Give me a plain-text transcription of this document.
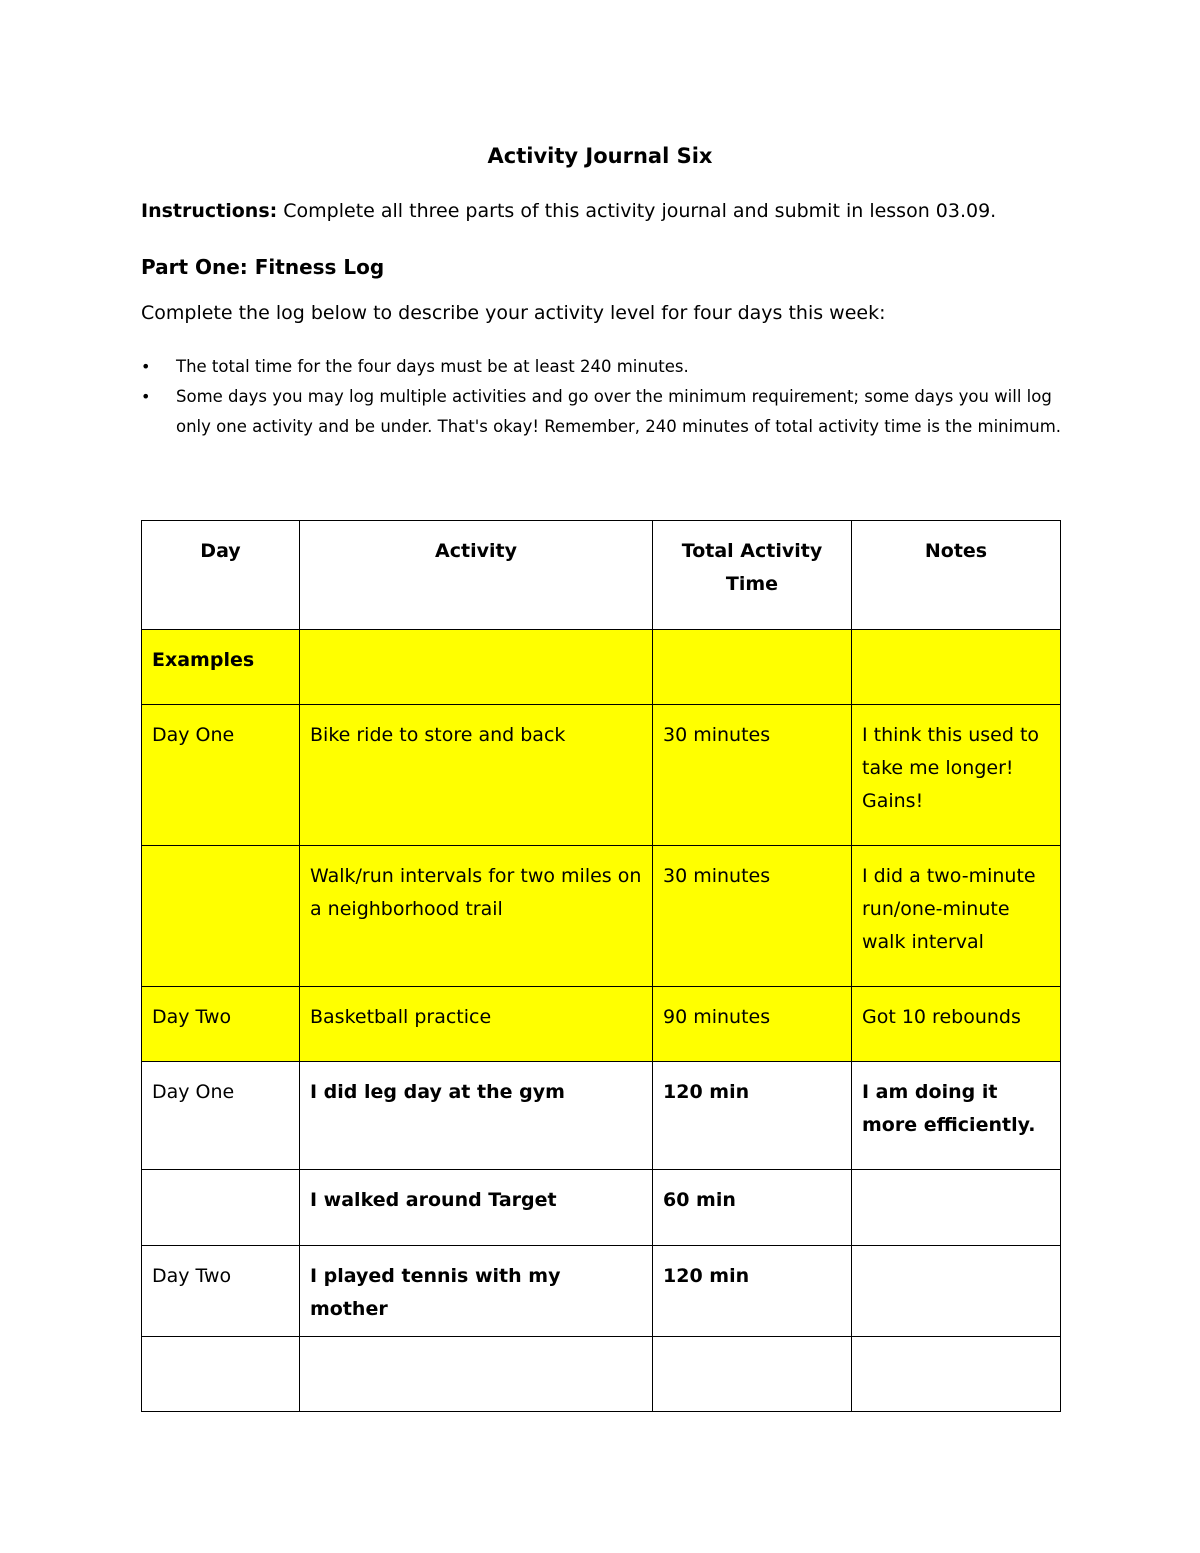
Activity Journal Six
Instructions: Complete all three parts of this activity journal and submit in lesson 03.09.
Part One: Fitness Log
Complete the log below to describe your activity level for four days this week:
• The total time for the four days must be at least 240 minutes.
• Some days you may log multiple activities and go over the minimum requirement; some days you will log only one activity and be under. That's okay! Remember, 240 minutes of total activity time is the minimum.
Day	Activity	Total Activity Time	Notes
Examples			
Day One	Bike ride to store and back	30 minutes	I think this used to take me longer! Gains!
	Walk/run intervals for two miles on a neighborhood trail	30 minutes	I did a two-minute run/one-minute walk interval
Day Two	Basketball practice	90 minutes	Got 10 rebounds
Day One	I did leg day at the gym	120 min	I am doing it more efficiently.
	I walked around Target	60 min	
Day Two	I played tennis with my mother	120 min	
